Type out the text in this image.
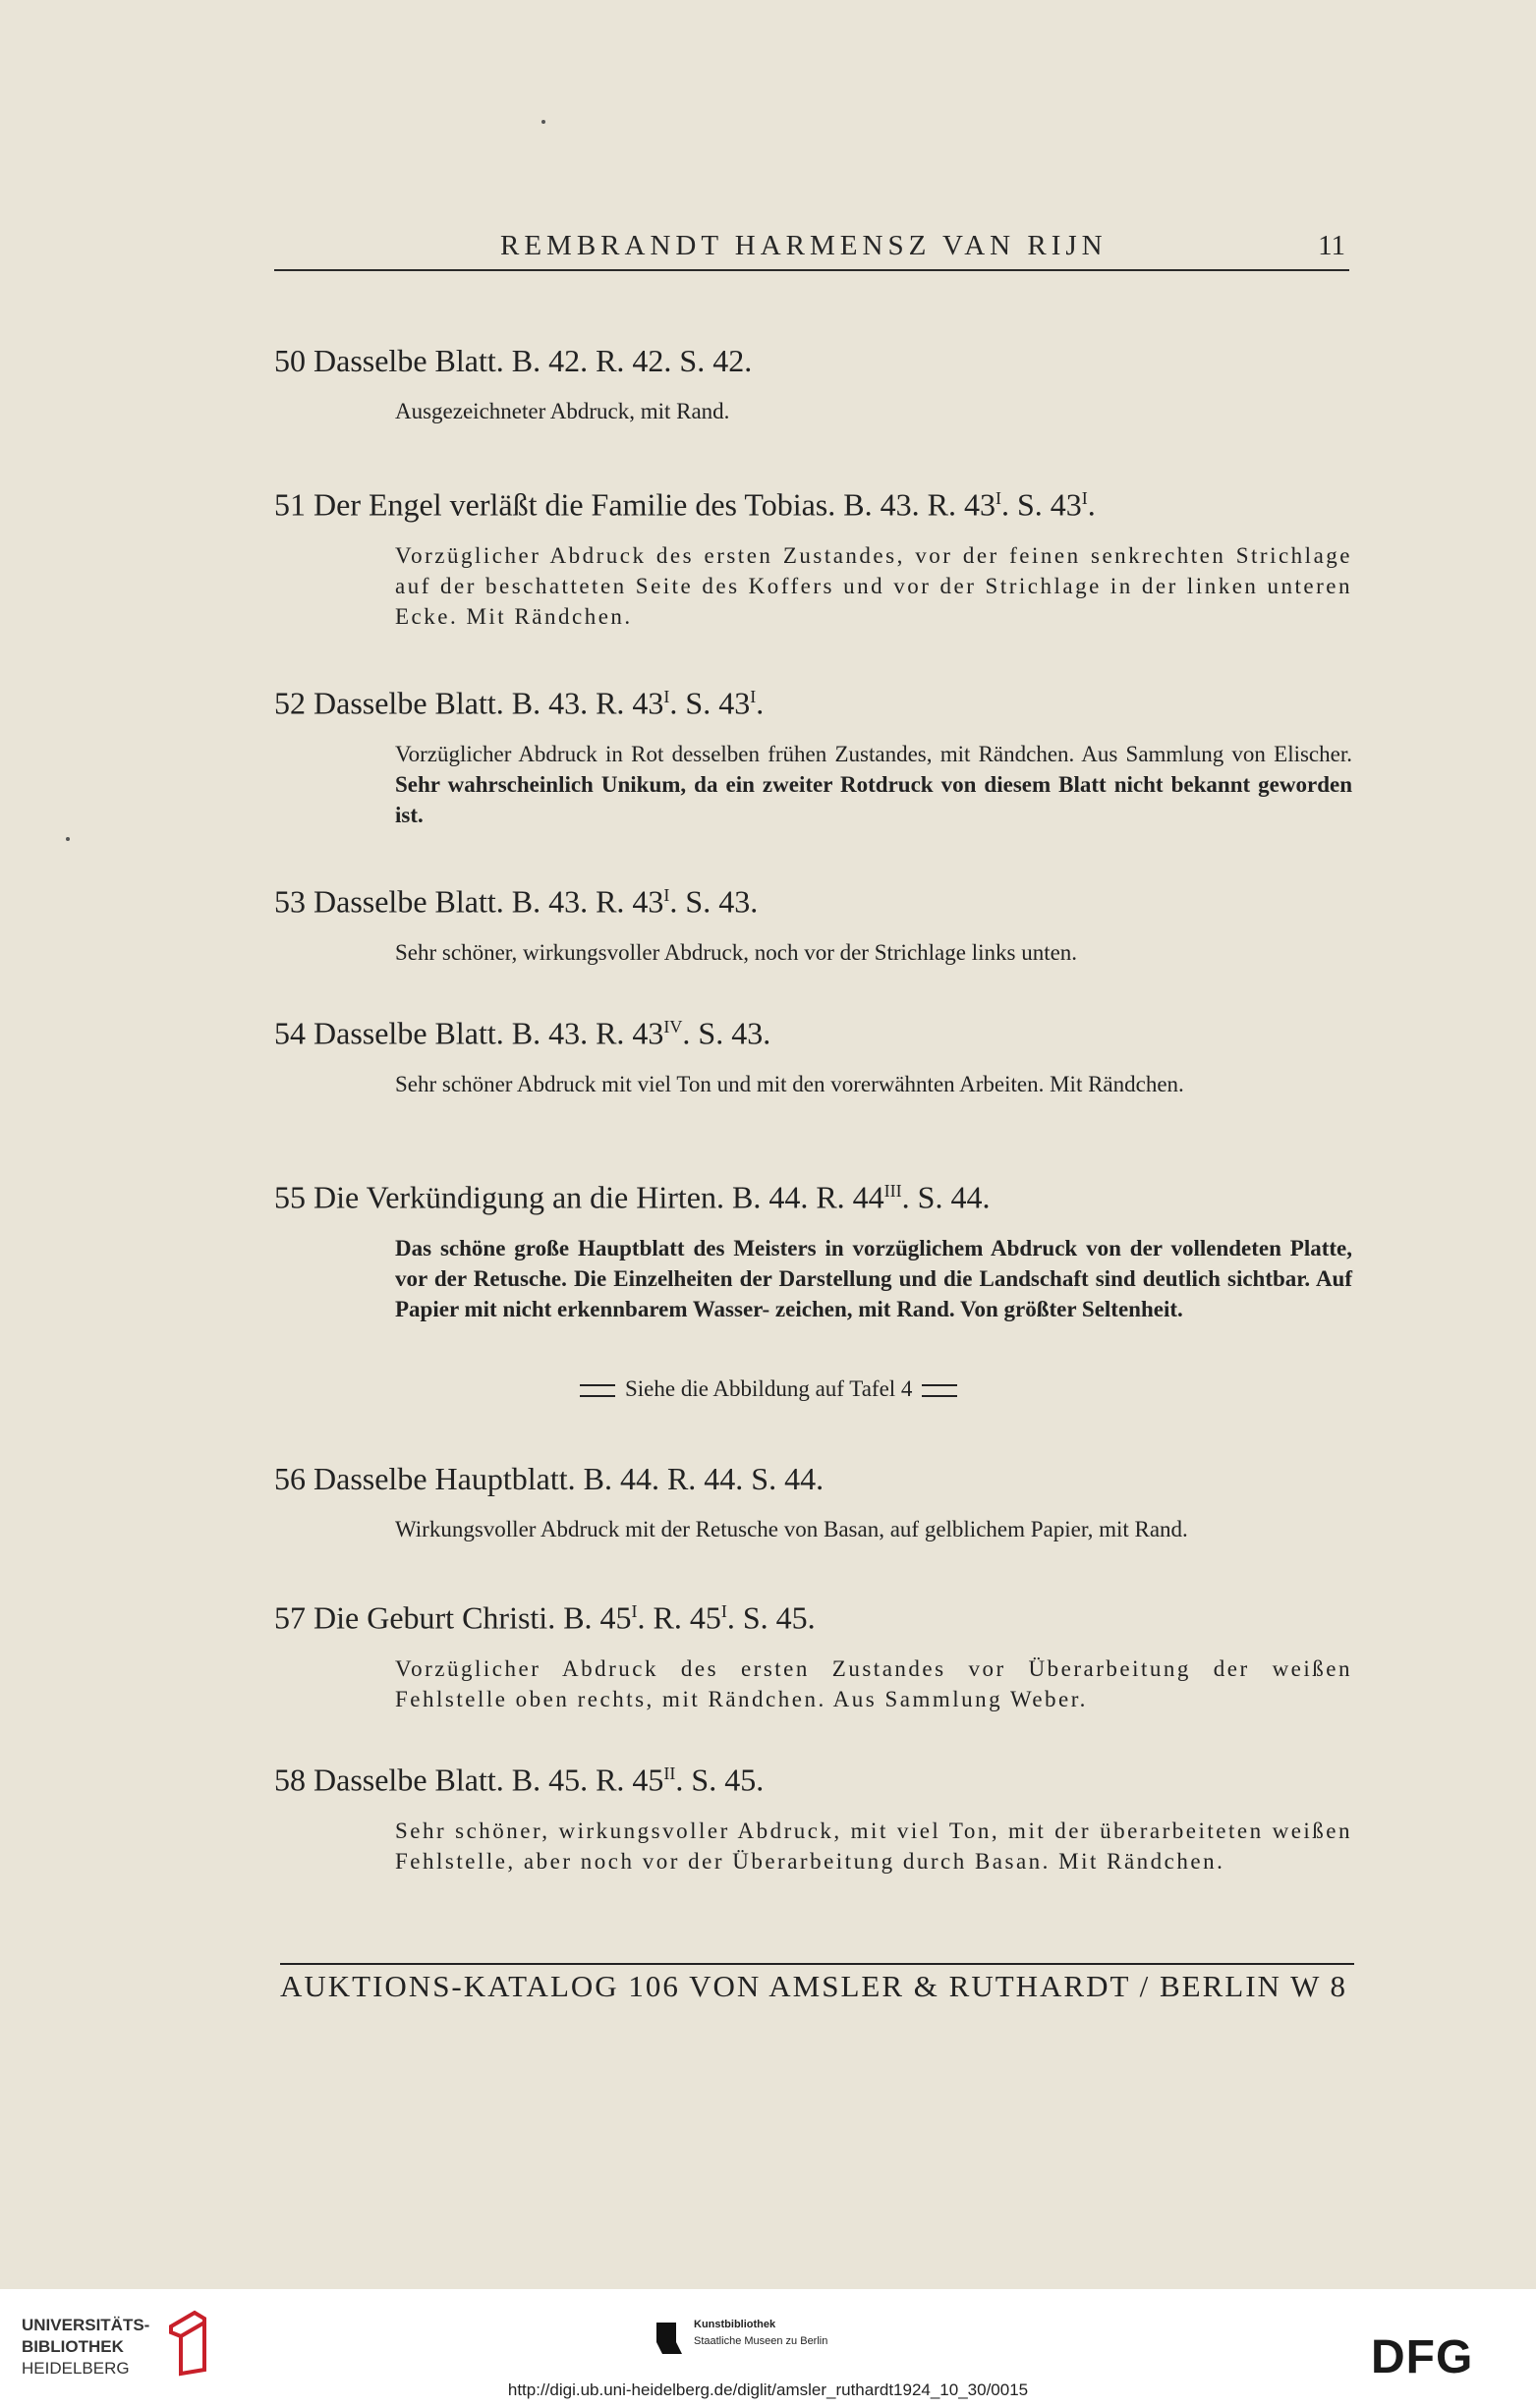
REMBRANDT HARMENSZ VAN RIJN	11
50 Dasselbe Blatt. B. 42. R. 42. S. 42.
Ausgezeichneter Abdruck, mit Rand.
51 Der Engel verläßt die Familie des Tobias. B. 43. R. $43^I$. S. $43^I$.
Vorzüglicher Abdruck des ersten Zustandes, vor der feinen senkrechten Strichlage auf der beschatteten Seite des Koffers und vor der Strichlage in der linken unteren Ecke. Mit Rändchen.
52 Dasselbe Blatt. B. 43. R. $43^I$. S. $43^I$.
Vorzüglicher Abdruck in Rot desselben frühen Zustandes, mit Rändchen. Aus Sammlung von Elischer. Sehr wahrscheinlich Unikum, da ein zweiter Rotdruck von diesem Blatt nicht bekannt geworden ist.
53 Dasselbe Blatt. B. 43. R. $43^I$. S. 43.
Sehr schöner, wirkungsvoller Abdruck, noch vor der Strichlage links unten.
54 Dasselbe Blatt. B. 43. R. $43^{IV}$. S. 43.
Sehr schöner Abdruck mit viel Ton und mit den vorerwähnten Arbeiten. Mit Rändchen.
55 Die Verkündigung an die Hirten. B. 44. R. $44^{III}$. S. 44.
Das schöne große Hauptblatt des Meisters in vorzüglichem Abdruck von der vollendeten Platte, vor der Retusche. Die Einzelheiten der Darstellung und die Landschaft sind deutlich sichtbar. Auf Papier mit nicht erkennbarem Wasser- zeichen, mit Rand. Von größter Seltenheit.
Siehe die Abbildung auf Tafel 4
56 Dasselbe Hauptblatt. B. 44. R. 44. S. 44.
Wirkungsvoller Abdruck mit der Retusche von Basan, auf gelblichem Papier, mit Rand.
57 Die Geburt Christi. B. $45^I$. R. $45^I$. S. 45.
Vorzüglicher Abdruck des ersten Zustandes vor Überarbeitung der weißen Fehlstelle oben rechts, mit Rändchen. Aus Sammlung Weber.
58 Dasselbe Blatt. B. 45. R. $45^{II}$. S. 45.
Sehr schöner, wirkungsvoller Abdruck, mit viel Ton, mit der überarbeiteten weißen Fehlstelle, aber noch vor der Überarbeitung durch Basan. Mit Rändchen.
AUKTIONS-KATALOG 106 VON AMSLER & RUTHARDT / BERLIN W 8
UNIVERSITÄTS-
BIBLIOTHEK
HEIDELBERG
Kunstbibliothek
Staatliche Museen zu Berlin	DFG
http://digi.ub.uni-heidelberg.de/diglit/amsler_ruthardt1924_10_30/0015
